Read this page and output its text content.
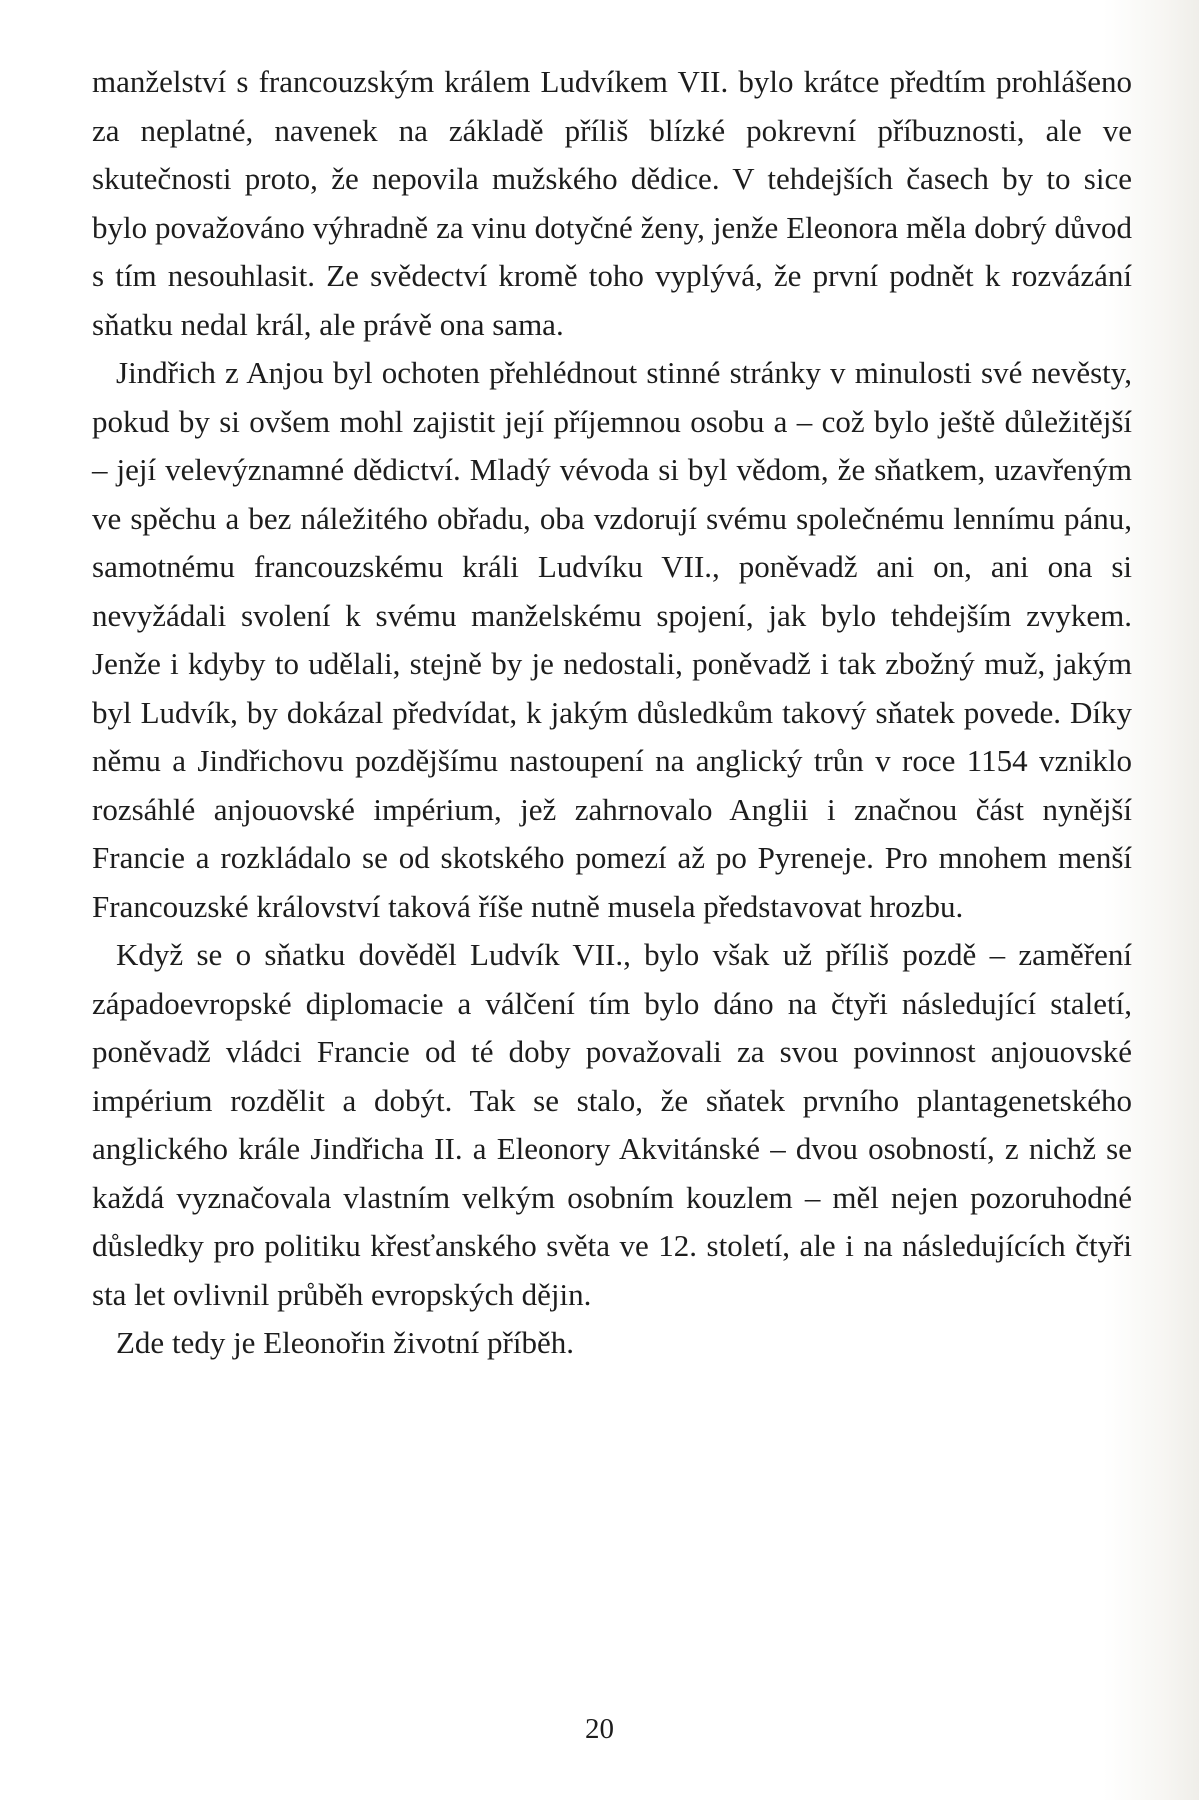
manželství s francouzským králem Ludvíkem VII. bylo krátce předtím prohlášeno za neplatné, navenek na základě příliš blízké pokrevní příbuznosti, ale ve skutečnosti proto, že nepovila mužského dědice. V tehdejších časech by to sice bylo považováno výhradně za vinu dotyčné ženy, jenže Eleonora měla dobrý důvod s tím nesouhlasit. Ze svědectví kromě toho vyplývá, že první podnět k rozvázání sňatku nedal král, ale právě ona sama.

Jindřich z Anjou byl ochoten přehlédnout stinné stránky v minulosti své nevěsty, pokud by si ovšem mohl zajistit její příjemnou osobu a – což bylo ještě důležitější – její velevýznamné dědictví. Mladý vévoda si byl vědom, že sňatkem, uzavřeným ve spěchu a bez náležitého obřadu, oba vzdorují svému společnému lennímu pánu, samotnému francouzskému králi Ludvíku VII., poněvadž ani on, ani ona si nevyžádali svolení k svému manželskému spojení, jak bylo tehdejším zvykem. Jenže i kdyby to udělali, stejně by je nedostali, poněvadž i tak zbožný muž, jakým byl Ludvík, by dokázal předvídat, k jakým důsledkům takový sňatek povede. Díky němu a Jindřichovu pozdějšímu nastoupení na anglický trůn v roce 1154 vzniklo rozsáhlé anjouovské impérium, jež zahrnovalo Anglii i značnou část nynější Francie a rozkládalo se od skotského pomezí až po Pyreneje. Pro mnohem menší Francouzské království taková říše nutně musela představovat hrozbu.

Když se o sňatku dověděl Ludvík VII., bylo však už příliš pozdě – zaměření západoevropské diplomacie a válčení tím bylo dáno na čtyři následující staletí, poněvadž vládci Francie od té doby považovali za svou povinnost anjouovské impérium rozdělit a dobýt. Tak se stalo, že sňatek prvního plantagenetského anglického krále Jindřicha II. a Eleonory Akvitánské – dvou osobností, z nichž se každá vyznačovala vlastním velkým osobním kouzlem – měl nejen pozoruhodné důsledky pro politiku křesťanského světa ve 12. století, ale i na následujících čtyři sta let ovlivnil průběh evropských dějin.

Zde tedy je Eleonořin životní příběh.

20
